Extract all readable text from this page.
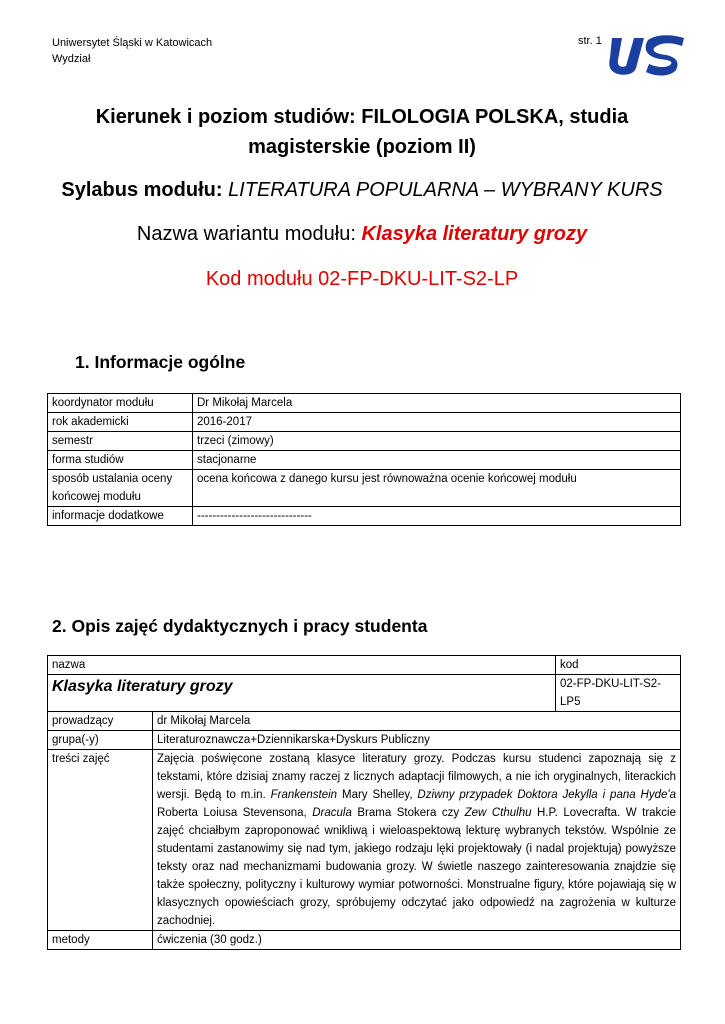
Uniwersytet Śląski w Katowicach
Wydział
str. 1
Kierunek i poziom studiów: FILOLOGIA POLSKA, studia magisterskie (poziom II)
Sylabus modułu: LITERATURA POPULARNA – WYBRANY KURS
Nazwa wariantu modułu: Klasyka literatury grozy
Kod modułu 02-FP-DKU-LIT-S2-LP
1. Informacje ogólne
koordynator modułu	Dr Mikołaj Marcela
rok akademicki	2016-2017
semestr	trzeci (zimowy)
forma studiów	stacjonarne
sposób ustalania oceny końcowej modułu	ocena końcowa z danego kursu jest równoważna ocenie końcowej modułu
informacje dodatkowe	------------------------------
2. Opis zajęć dydaktycznych i pracy studenta
nazwa		kod
Klasyka literatury grozy		02-FP-DKU-LIT-S2-LP5
prowadzący	dr Mikołaj Marcela	
grupa(-y)	Literaturoznawcza+Dziennikarska+Dyskurs Publiczny	
treści zajęć	Zajęcia poświęcone zostaną klasyce literatury grozy. Podczas kursu studenci zapoznają się z tekstami, które dzisiaj znamy raczej z licznych adaptacji filmowych, a nie ich oryginalnych, literackich wersji. Będą to m.in. Frankenstein Mary Shelley, Dziwny przypadek Doktora Jekylla i pana Hyde'a Roberta Loiusa Stevensona, Dracula Brama Stokera czy Zew Cthulhu H.P. Lovecrafta. W trakcie zajęć chciałbym zaproponować wnikliwą i wieloaspektową lekturę wybranych tekstów. Wspólnie ze studentami zastanowimy się nad tym, jakiego rodzaju lęki projektowały (i nadal projektują) powyższe teksty oraz nad mechanizmami budowania grozy. W świetle naszego zainteresowania znajdzie się także społeczny, polityczny i kulturowy wymiar potworności. Monstrualne figury, które pojawiają się w klasycznych opowieściach grozy, spróbujemy odczytać jako odpowiedź na zagrożenia w kulturze zachodniej.	
metody	ćwiczenia (30 godz.)	
